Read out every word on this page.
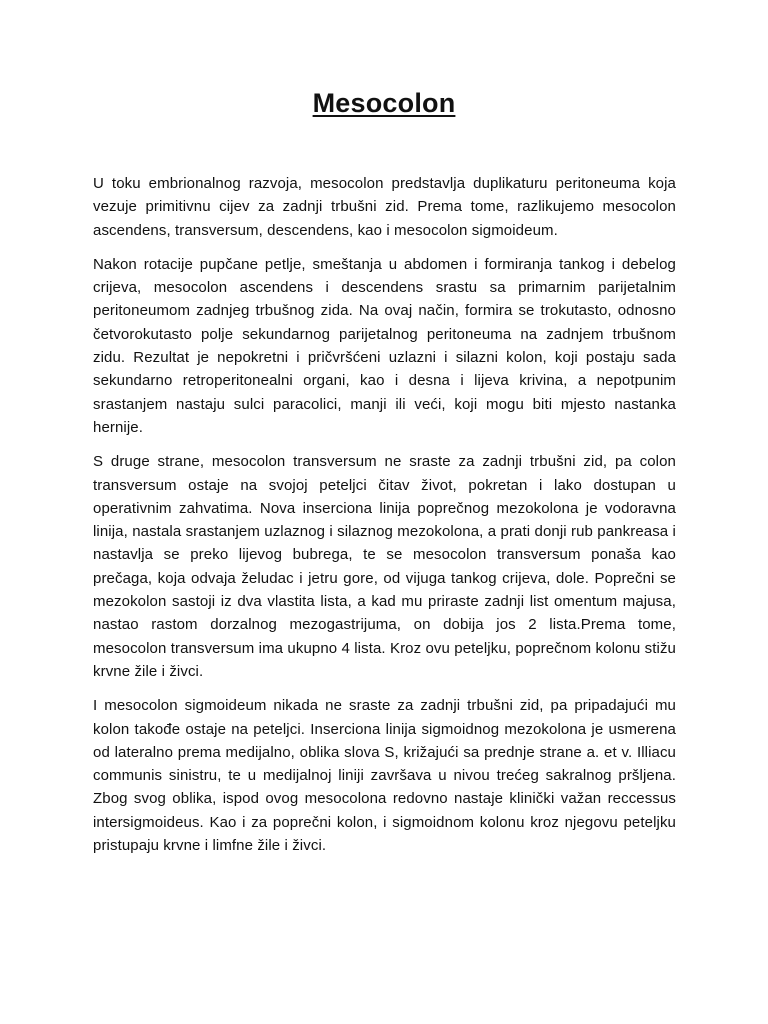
Mesocolon

U toku embrionalnog razvoja, mesocolon predstavlja duplikaturu peritoneuma koja vezuje primitivnu cijev za zadnji trbušni zid. Prema tome, razlikujemo mesocolon ascendens, transversum, descendens, kao i mesocolon sigmoideum.

Nakon rotacije pupčane petlje, smeštanja u abdomen i formiranja tankog i debelog crijeva, mesocolon ascendens i descendens srastu sa primarnim parijetalnim peritoneumom zadnjeg trbušnog zida. Na ovaj način, formira se trokutasto, odnosno četvorokutasto polje sekundarnog parijetalnog peritoneuma na zadnjem trbušnom zidu. Rezultat je nepokretni i pričvršćeni uzlazni i silazni kolon, koji postaju sada sekundarno retroperitonealni organi, kao i desna i lijeva krivina, a nepotpunim srastanjem nastaju sulci paracolici, manji ili veći, koji mogu biti mjesto nastanka hernije.

S druge strane, mesocolon transversum ne sraste za zadnji trbušni zid, pa colon transversum ostaje na svojoj peteljci čitav život, pokretan i lako dostupan u operativnim zahvatima. Nova inserciona linija poprečnog mezokolona je vodoravna linija, nastala srastanjem uzlaznog i silaznog mezokolona, a prati donji rub pankreasa i nastavlja se preko lijevog bubrega, te se mesocolon transversum ponaša kao prečaga, koja odvaja želudac i jetru gore, od vijuga tankog crijeva, dole. Poprečni se mezokolon sastoji iz dva vlastita lista, a kad mu priraste zadnji list omentum majusa, nastao rastom dorzalnog mezogastrijuma, on dobija jos 2 lista.Prema tome, mesocolon transversum ima ukupno 4 lista. Kroz ovu peteljku, poprečnom kolonu stižu krvne žile i živci.

I mesocolon sigmoideum nikada ne sraste za zadnji trbušni zid, pa pripadajući mu kolon takođe ostaje na peteljci. Inserciona linija sigmoidnog mezokolona je usmerena od lateralno prema medijalno, oblika slova S, križajući sa prednje strane a. et v. Illiacu communis sinistru, te u medijalnoj liniji završava u nivou trećeg sakralnog pršljena. Zbog svog oblika, ispod ovog mesocolona redovno nastaje klinički važan reccessus intersigmoideus. Kao i za poprečni kolon, i sigmoidnom kolonu kroz njegovu peteljku pristupaju krvne i limfne žile i živci.
